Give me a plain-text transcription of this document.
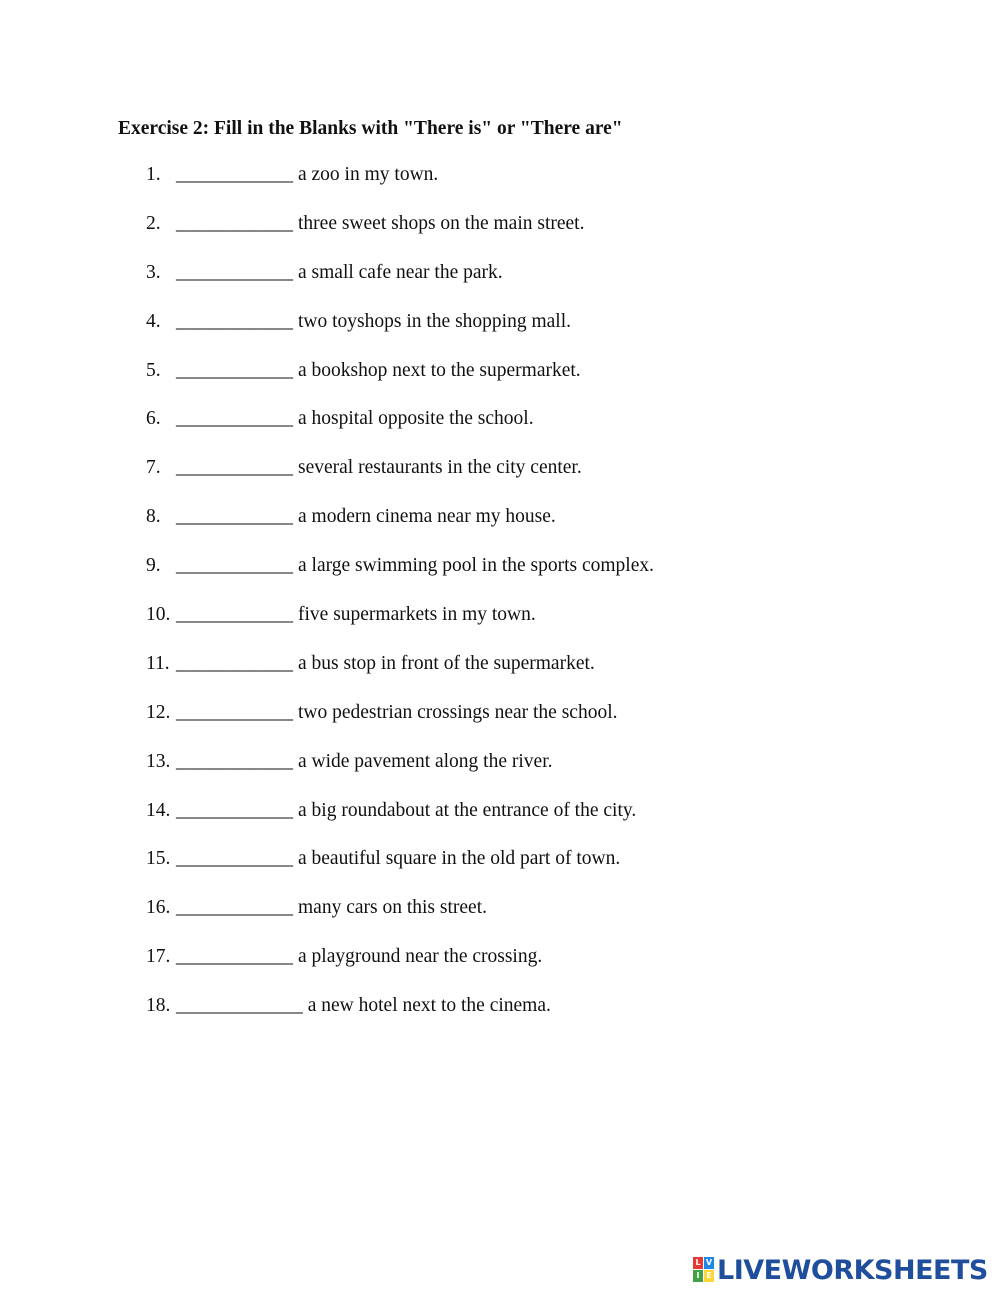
Exercise 2: Fill in the Blanks with "There is" or "There are"
1. ____________ a zoo in my town.
2. ____________ three sweet shops on the main street.
3. ____________ a small cafe near the park.
4. ____________ two toyshops in the shopping mall.
5. ____________ a bookshop next to the supermarket.
6. ____________ a hospital opposite the school.
7. ____________ several restaurants in the city center.
8. ____________ a modern cinema near my house.
9. ____________ a large swimming pool in the sports complex.
10. ____________ five supermarkets in my town.
11. ____________ a bus stop in front of the supermarket.
12. ____________ two pedestrian crossings near the school.
13. ____________ a wide pavement along the river.
14. ____________ a big roundabout at the entrance of the city.
15. ____________ a beautiful square in the old part of town.
16. ____________ many cars on this street.
17. ____________ a playground near the crossing.
18. _____________ a new hotel next to the cinema.
L
I
V
E LIVEWORKSHEETS
